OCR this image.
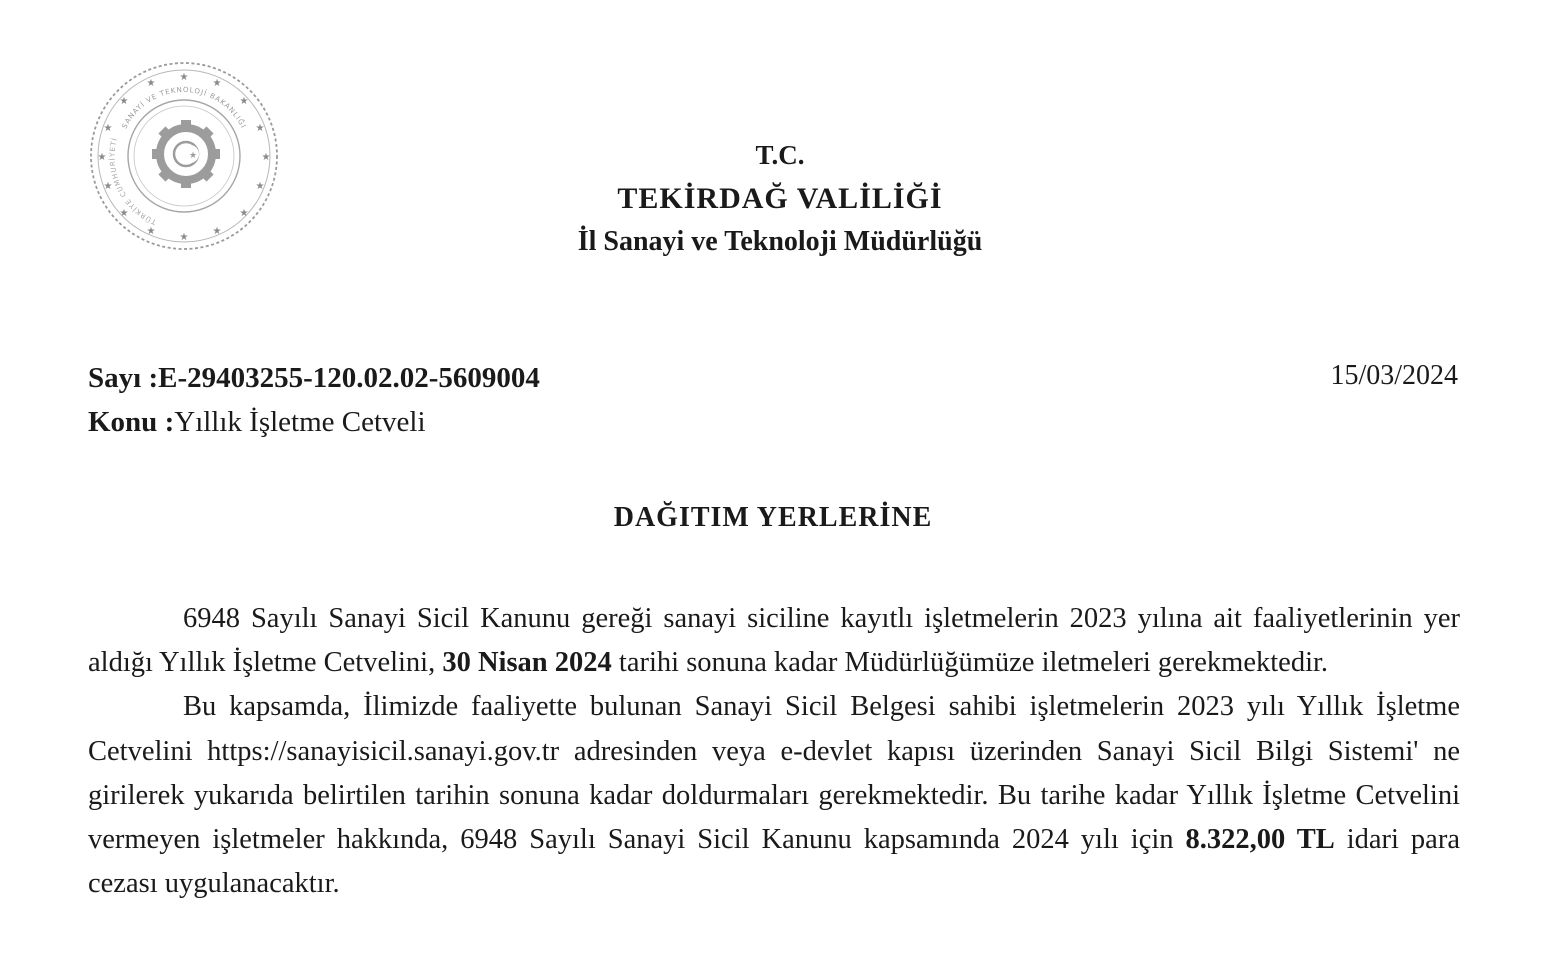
★
★
★
★
★
★
★
★
★
★
★
★
★
★
★
★
★
SANAYİ VE TEKNOLOJİ BAKANLIĞI
TÜRKİYE CUMHURİYETİ
T.C.
TEKİRDAĞ VALİLİĞİ
İl Sanayi ve Teknoloji Müdürlüğü
Sayı :E-29403255-120.02.02-5609004
Konu :Yıllık İşletme Cetveli
15/03/2024
DAĞITIM YERLERİNE

6948 Sayılı Sanayi Sicil Kanunu gereği sanayi siciline kayıtlı işletmelerin 2023 yılına ait faaliyetlerinin yer aldığı Yıllık İşletme Cetvelini, 30 Nisan 2024 tarihi sonuna kadar Müdürlüğümüze iletmeleri gerekmektedir.

Bu kapsamda, İlimizde faaliyette bulunan Sanayi Sicil Belgesi sahibi işletmelerin 2023 yılı Yıllık İşletme Cetvelini https://sanayisicil.sanayi.gov.tr adresinden veya e-devlet kapısı üzerinden Sanayi Sicil Bilgi Sistemi' ne girilerek yukarıda belirtilen tarihin sonuna kadar doldurmaları gerekmektedir. Bu tarihe kadar Yıllık İşletme Cetvelini vermeyen işletmeler hakkında, 6948 Sayılı Sanayi Sicil Kanunu kapsamında 2024 yılı için 8.322,00 TL idari para cezası uygulanacaktır.
